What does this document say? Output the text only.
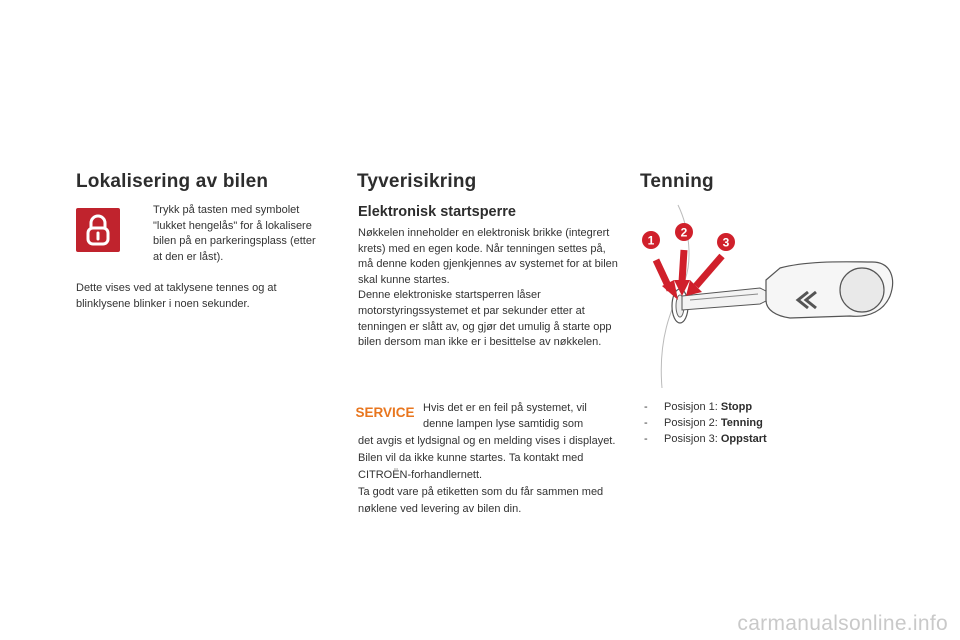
Lokalisering av bilen

Trykk på tasten med symbolet "lukket hengelås" for å lokalisere bilen på en parkeringsplass (etter at den er låst).

Dette vises ved at taklysene tennes og at blinklysene blinker i noen sekunder.

Tyverisikring
Elektronisk startsperre

Nøkkelen inneholder en elektronisk brikke (integrert krets) med en egen kode. Når tenningen settes på, må denne koden gjenkjennes av systemet for at bilen skal kunne startes.
Denne elektroniske startsperren låser motorstyringssystemet et par sekunder etter at tenningen er slått av, og gjør det umulig å starte opp bilen dersom man ikke er i besittelse av nøkkelen.

SERVICE Hvis det er en feil på systemet, vil denne lampen lyse samtidig som

det avgis et lydsignal og en melding vises i displayet.
Bilen vil da ikke kunne startes. Ta kontakt med CITROËN-forhandlernett.
Ta godt vare på etiketten som du får sammen med nøklene ved levering av bilen din.

Tenning
1
2
3
- Posisjon 1: Stopp
- Posisjon 2: Tenning
- Posisjon 3: Oppstart
carmanualsonline.info
